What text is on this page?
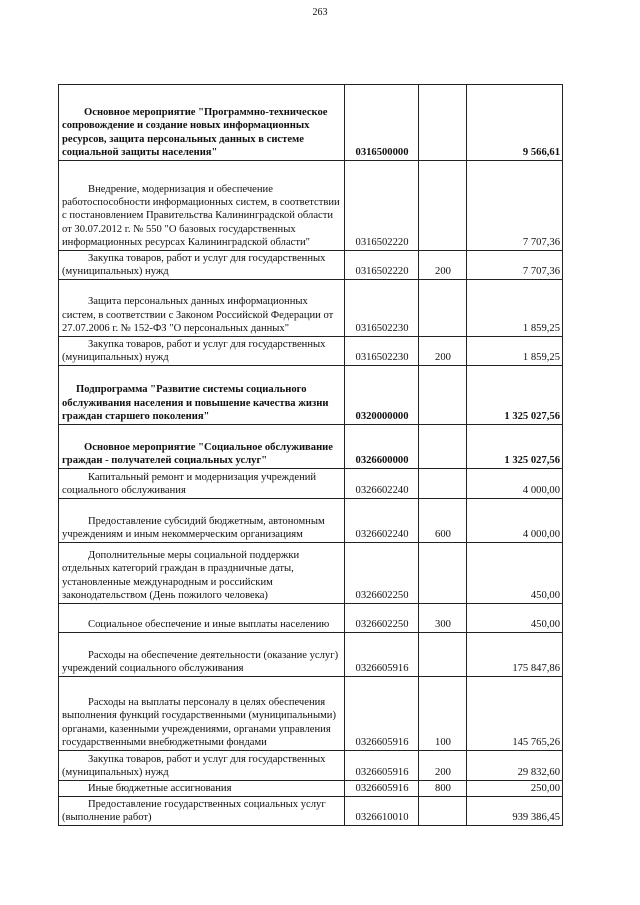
263
Основное мероприятие "Программно-техническое сопровождение и создание новых информационных ресурсов, защита персональных данных в системе социальной защиты населения"	0316500000		9 566,61
Внедрение, модернизация и обеспечение работоспособности информационных систем, в соответствии с постановлением Правительства Калининградской области от 30.07.2012 г. № 550 "О базовых государственных информационных ресурсах Калининградской области"	0316502220		7 707,36
Закупка товаров, работ и услуг для государственных (муниципальных) нужд	0316502220	200	7 707,36
Защита персональных данных информационных систем, в соответствии с Законом Российской Федерации от 27.07.2006 г. № 152-ФЗ "О персональных данных"	0316502230		1 859,25
Закупка товаров, работ и услуг для государственных (муниципальных) нужд	0316502230	200	1 859,25
Подпрограмма "Развитие системы социального обслуживания населения и повышение качества жизни граждан старшего поколения"	0320000000		1 325 027,56
Основное мероприятие "Социальное обслуживание граждан - получателей социальных услуг"	0326600000		1 325 027,56
Капитальный ремонт и модернизация учреждений социального обслуживания	0326602240		4 000,00
Предоставление субсидий бюджетным, автономным учреждениям и иным некоммерческим организациям	0326602240	600	4 000,00
Дополнительные меры социальной поддержки отдельных категорий граждан в праздничные даты, установленные международным и российским законодательством (День пожилого человека)	0326602250		450,00
Социальное обеспечение и иные выплаты населению	0326602250	300	450,00
Расходы на обеспечение деятельности (оказание услуг) учреждений социального обслуживания	0326605916		175 847,86
Расходы на выплаты персоналу в целях обеспечения выполнения функций государственными (муниципальными) органами, казенными учреждениями, органами управления государственными внебюджетными фондами	0326605916	100	145 765,26
Закупка товаров, работ и услуг для государственных (муниципальных) нужд	0326605916	200	29 832,60
Иные бюджетные ассигнования	0326605916	800	250,00
Предоставление государственных социальных услуг (выполнение работ)	0326610010		939 386,45
